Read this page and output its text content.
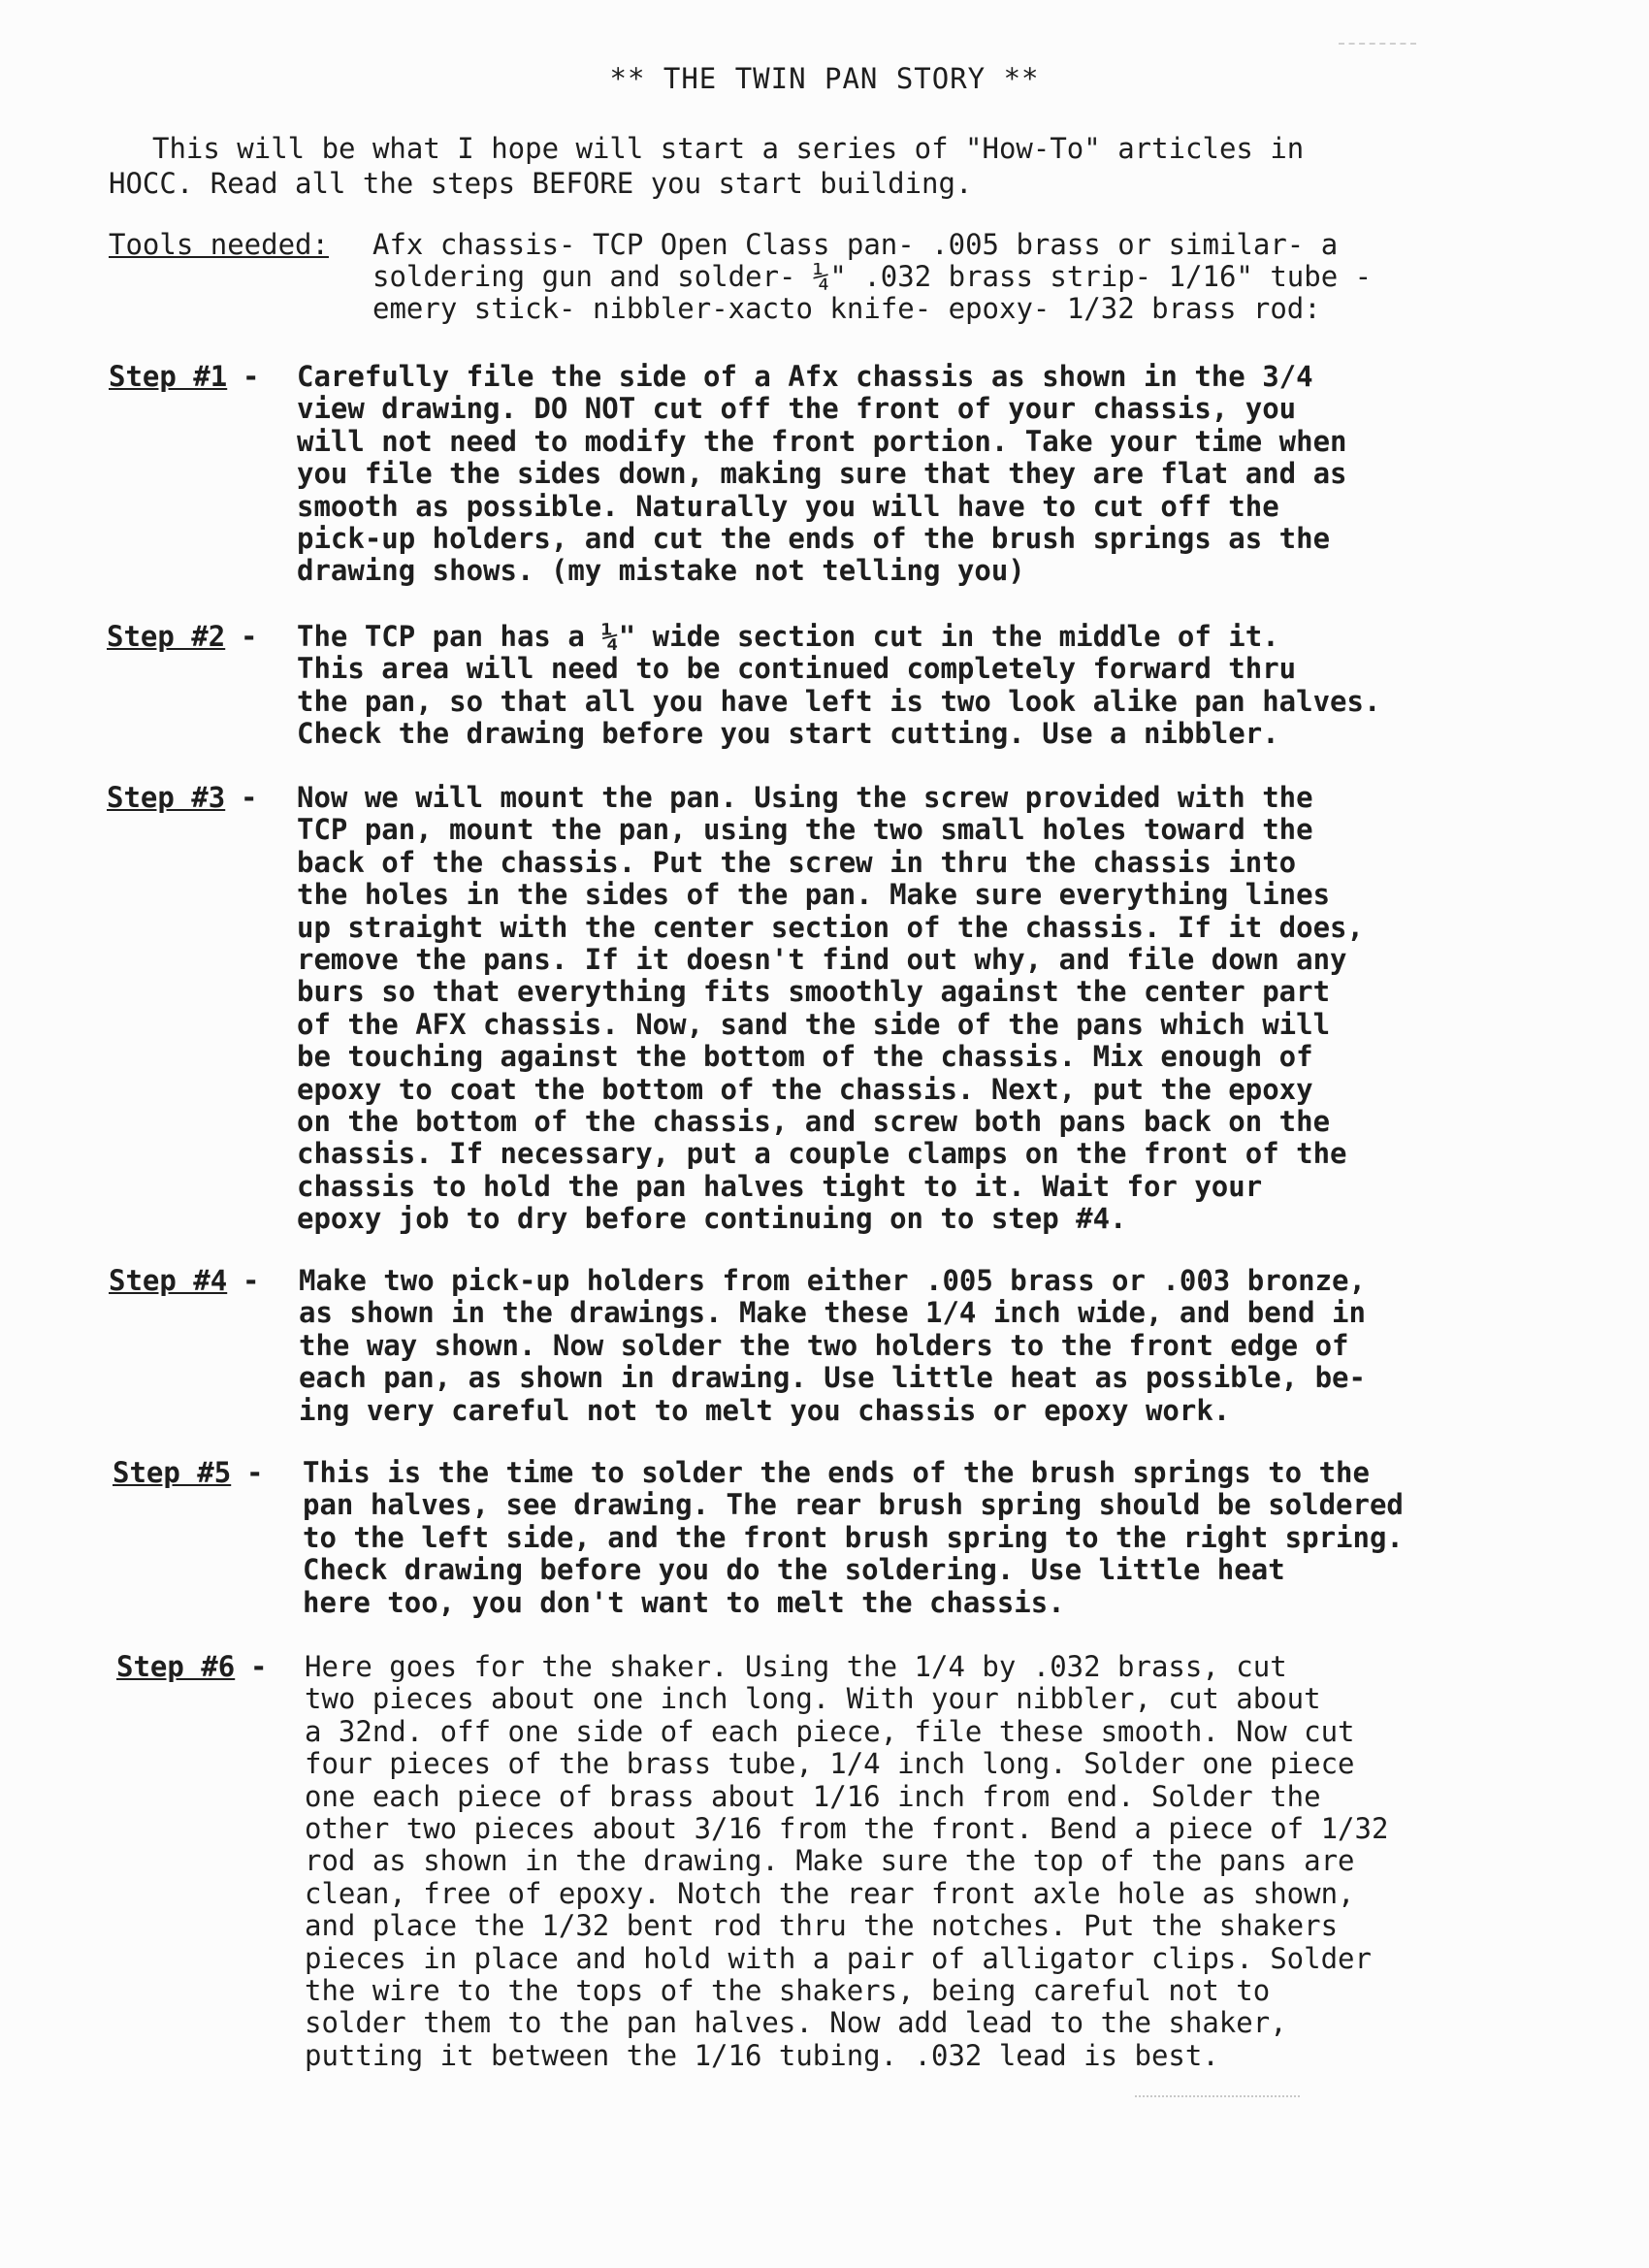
** THE TWIN PAN STORY **
This will be what I hope will start a series of "How-To" articles in
HOCC. Read all the steps BEFORE you start building.
Tools needed: Afx chassis- TCP Open Class pan- .005 brass or similar- a
soldering gun and solder- ¼" .032 brass strip- 1/16" tube -
emery stick- nibbler-xacto knife- epoxy- 1/32 brass rod:
Step #1 - Carefully file the side of a Afx chassis as shown in the 3/4
view drawing. DO NOT cut off the front of your chassis, you
will not need to modify the front portion. Take your time when
you file the sides down, making sure that they are flat and as
smooth as possible. Naturally you will have to cut off the
pick-up holders, and cut the ends of the brush springs as the
drawing shows. (my mistake not telling you)
Step #2 - The TCP pan has a ¼" wide section cut in the middle of it.
This area will need to be continued completely forward thru
the pan, so that all you have left is two look alike pan halves.
Check the drawing before you start cutting. Use a nibbler.
Step #3 - Now we will mount the pan. Using the screw provided with the
TCP pan, mount the pan, using the two small holes toward the
back of the chassis. Put the screw in thru the chassis into
the holes in the sides of the pan. Make sure everything lines
up straight with the center section of the chassis. If it does,
remove the pans. If it doesn't find out why, and file down any
burs so that everything fits smoothly against the center part
of the AFX chassis. Now, sand the side of the pans which will
be touching against the bottom of the chassis. Mix enough of
epoxy to coat the bottom of the chassis. Next, put the epoxy
on the bottom of the chassis, and screw both pans back on the
chassis. If necessary, put a couple clamps on the front of the
chassis to hold the pan halves tight to it. Wait for your
epoxy job to dry before continuing on to step #4.
Step #4 - Make two pick-up holders from either .005 brass or .003 bronze,
as shown in the drawings. Make these 1/4 inch wide, and bend in
the way shown. Now solder the two holders to the front edge of
each pan, as shown in drawing. Use little heat as possible, be-
ing very careful not to melt you chassis or epoxy work.
Step #5 - This is the time to solder the ends of the brush springs to the
pan halves, see drawing. The rear brush spring should be soldered
to the left side, and the front brush spring to the right spring.
Check drawing before you do the soldering. Use little heat
here too, you don't want to melt the chassis.
Step #6 - Here goes for the shaker. Using the 1/4 by .032 brass, cut
two pieces about one inch long. With your nibbler, cut about
a 32nd. off one side of each piece, file these smooth. Now cut
four pieces of the brass tube, 1/4 inch long. Solder one piece
one each piece of brass about 1/16 inch from end. Solder the
other two pieces about 3/16 from the front. Bend a piece of 1/32
rod as shown in the drawing. Make sure the top of the pans are
clean, free of epoxy. Notch the rear front axle hole as shown,
and place the 1/32 bent rod thru the notches. Put the shakers
pieces in place and hold with a pair of alligator clips. Solder
the wire to the tops of the shakers, being careful not to
solder them to the pan halves. Now add lead to the shaker,
putting it between the 1/16 tubing. .032 lead is best.
